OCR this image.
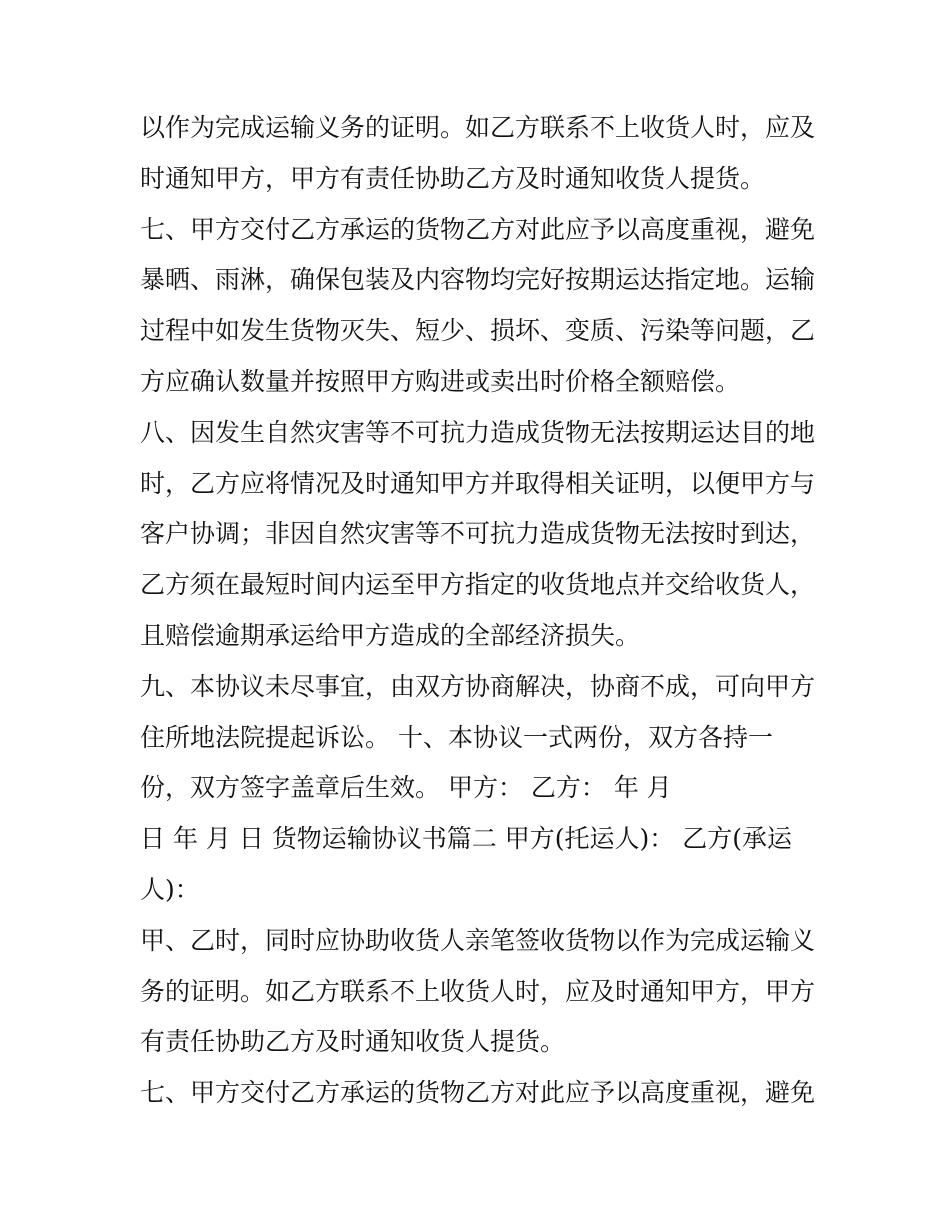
以作为完成运输义务的证明。如乙方联系不上收货人时，应及
时通知甲方，甲方有责任协助乙方及时通知收货人提货。
七、甲方交付乙方承运的货物乙方对此应予以高度重视，避免
暴晒、雨淋，确保包装及内容物均完好按期运达指定地。运输
过程中如发生货物灭失、短少、损坏、变质、污染等问题，乙
方应确认数量并按照甲方购进或卖出时价格全额赔偿。
八、因发生自然灾害等不可抗力造成货物无法按期运达目的地
时，乙方应将情况及时通知甲方并取得相关证明，以便甲方与
客户协调；非因自然灾害等不可抗力造成货物无法按时到达，
乙方须在最短时间内运至甲方指定的收货地点并交给收货人，
且赔偿逾期承运给甲方造成的全部经济损失。
九、本协议未尽事宜，由双方协商解决，协商不成，可向甲方
住所地法院提起诉讼。 十、本协议一式两份，双方各持一
份，双方签字盖章后生效。 甲方： 乙方： 年 月
日 年 月 日 货物运输协议书篇二 甲方(托运人)： 乙方(承运
人)：
甲、乙时，同时应协助收货人亲笔签收货物以作为完成运输义
务的证明。如乙方联系不上收货人时，应及时通知甲方，甲方
有责任协助乙方及时通知收货人提货。
七、甲方交付乙方承运的货物乙方对此应予以高度重视，避免
